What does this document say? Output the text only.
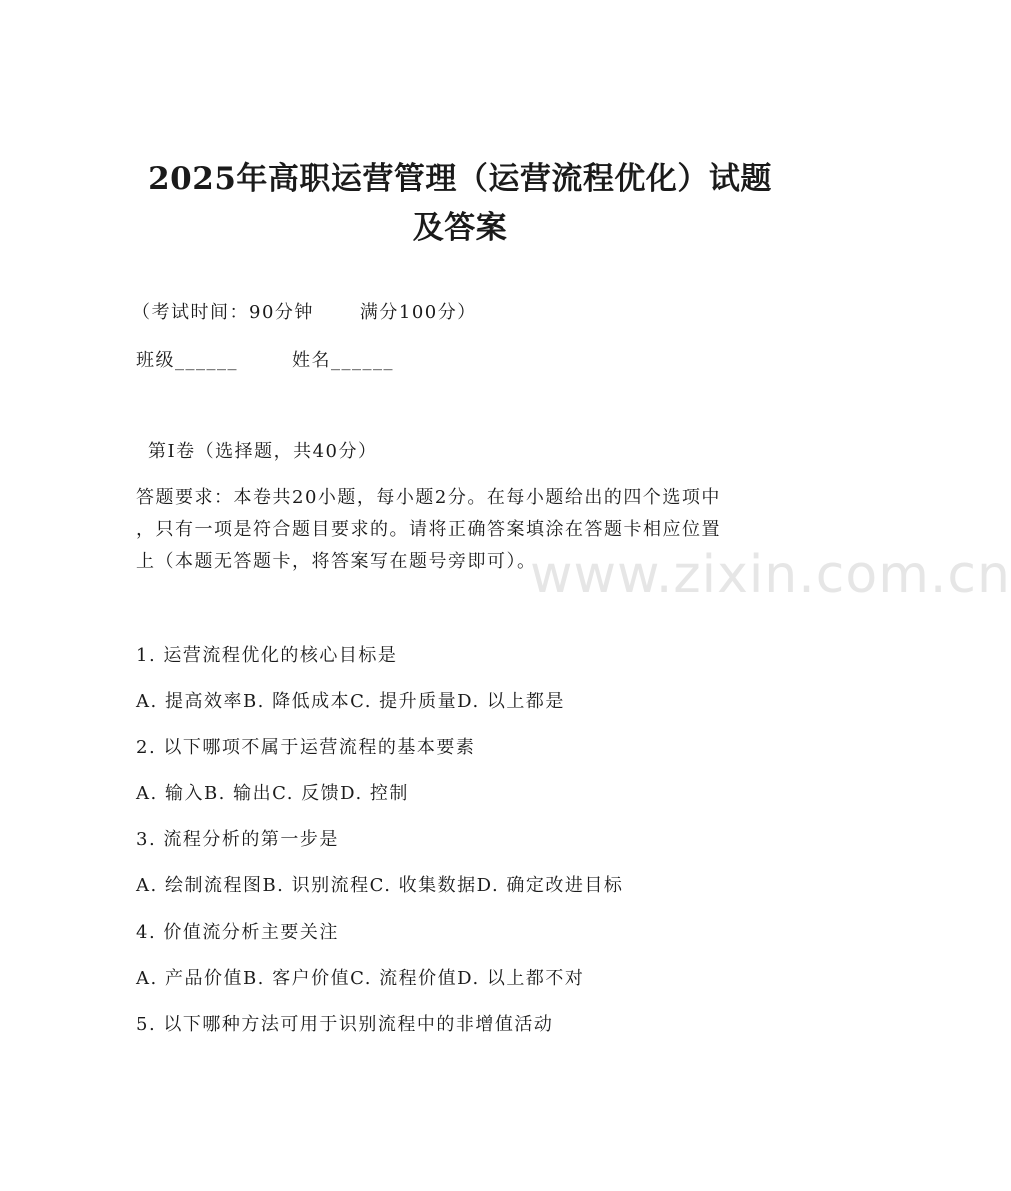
www.zixin.com.cn
2025年高职运营管理（运营流程优化）试题
及答案
（考试时间：90分钟	满分100分）
班级______	姓名______
第Ⅰ卷（选择题，共40分）
答题要求：本卷共20小题，每小题2分。在每小题给出的四个选项中
，只有一项是符合题目要求的。请将正确答案填涂在答题卡相应位置
上（本题无答题卡，将答案写在题号旁即可）。
1. 运营流程优化的核心目标是
A. 提高效率B. 降低成本C. 提升质量D. 以上都是
2. 以下哪项不属于运营流程的基本要素
A. 输入B. 输出C. 反馈D. 控制
3. 流程分析的第一步是
A. 绘制流程图B. 识别流程C. 收集数据D. 确定改进目标
4. 价值流分析主要关注
A. 产品价值B. 客户价值C. 流程价值D. 以上都不对
5. 以下哪种方法可用于识别流程中的非增值活动
